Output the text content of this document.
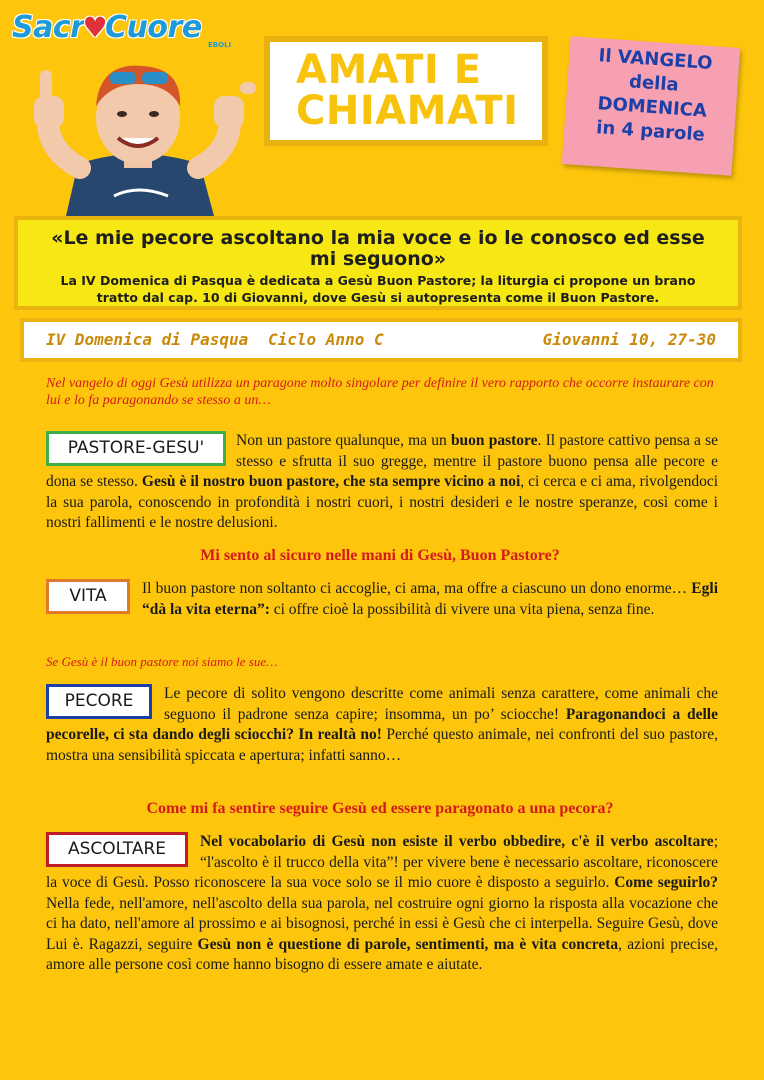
Sacr♥Cuore EBOLI
AMATI E
CHIAMATI
Il VANGELO
della
DOMENICA
in 4 parole
«Le mie pecore ascoltano la mia voce e io le conosco ed esse mi seguono»
La IV Domenica di Pasqua è dedicata a Gesù Buon Pastore; la liturgia ci propone un brano tratto dal cap. 10 di Giovanni, dove Gesù si autopresenta come il Buon Pastore.
IV Domenica di Pasqua Ciclo Anno C	Giovanni 10, 27-30
Nel vangelo di oggi Gesù utilizza un paragone molto singolare per definire il vero rapporto che occorre instaurare con lui e lo fa paragonando se stesso a un…
PASTORE-GESU'	Non un pastore qualunque, ma un buon pastore. Il pastore cattivo pensa a se stesso e sfrutta il suo gregge, mentre il pastore buono pensa alle pecore e dona se stesso. Gesù è il nostro buon pastore, che sta sempre vicino a noi, ci cerca e ci ama, rivolgendoci la sua parola, conoscendo in profondità i nostri cuori, i nostri desideri e le nostre speranze, così come i nostri fallimenti e le nostre delusioni.
Mi sento al sicuro nelle mani di Gesù, Buon Pastore?
VITA	Il buon pastore non soltanto ci accoglie, ci ama, ma offre a ciascuno un dono enorme… Egli “dà la vita eterna”: ci offre cioè la possibilità di vivere una vita piena, senza fine.
Se Gesù è il buon pastore noi siamo le sue…
PECORE	Le pecore di solito vengono descritte come animali senza carattere, come animali che seguono il padrone senza capire; insomma, un po’ sciocche! Paragonandoci a delle pecorelle, ci sta dando degli sciocchi? In realtà no! Perché questo animale, nei confronti del suo pastore, mostra una sensibilità spiccata e apertura; infatti sanno…
Come mi fa sentire seguire Gesù ed essere paragonato a una pecora?
ASCOLTARE	Nel vocabolario di Gesù non esiste il verbo obbedire, c'è il verbo ascoltare; “l'ascolto è il trucco della vita”! per vivere bene è necessario ascoltare, riconoscere la voce di Gesù. Posso riconoscere la sua voce solo se il mio cuore è disposto a seguirlo. Come seguirlo? Nella fede, nell'amore, nell'ascolto della sua parola, nel costruire ogni giorno la risposta alla vocazione che ci ha dato, nell'amore al prossimo e ai bisognosi, perché in essi è Gesù che ci interpella. Seguire Gesù, dove Lui è. Ragazzi, seguire Gesù non è questione di parole, sentimenti, ma è vita concreta, azioni precise, amore alle persone così come hanno bisogno di essere amate e aiutate.
